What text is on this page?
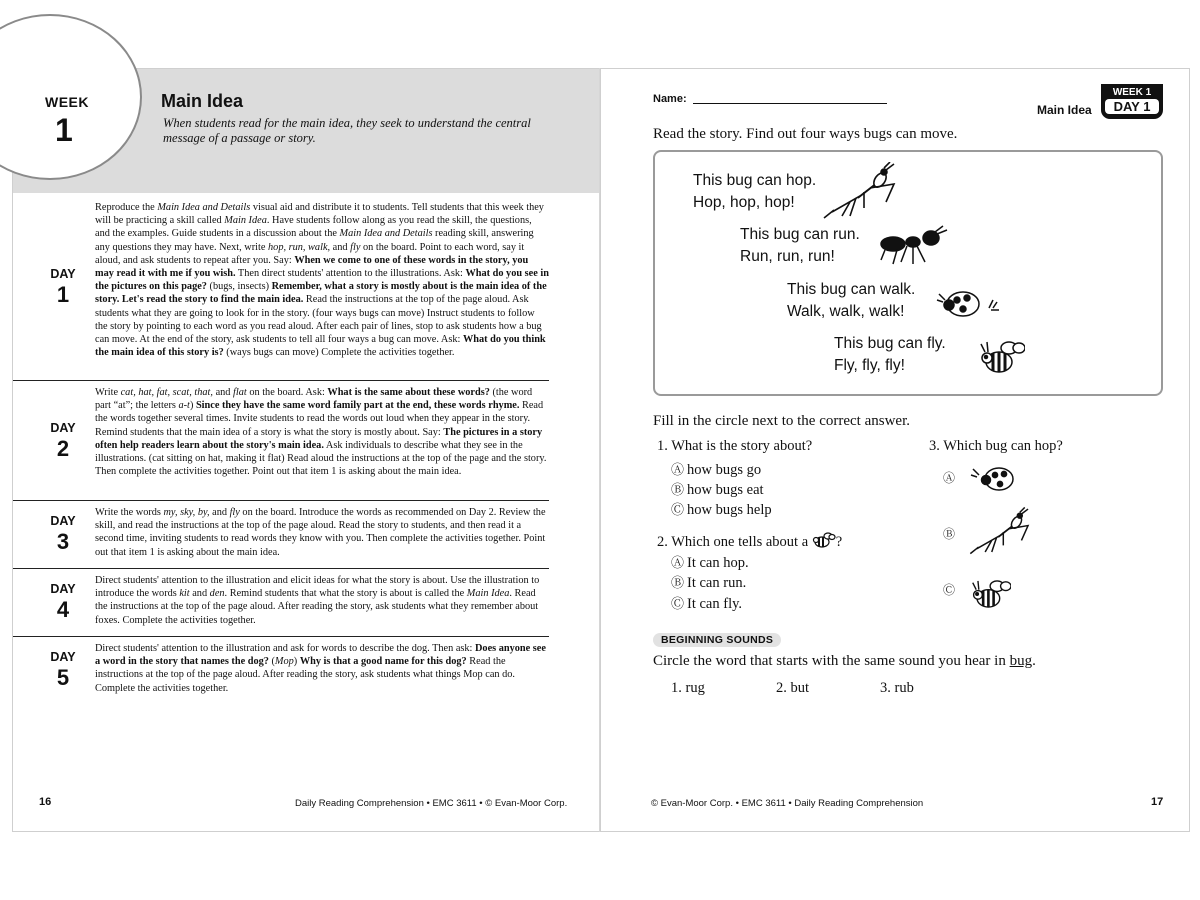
WEEK
1
Main Idea
When students read for the main idea, they seek to understand the central message of a passage or story.
DAY
1
Reproduce the Main Idea and Details visual aid and distribute it to students. Tell students that this week they will be practicing a skill called Main Idea. Have students follow along as you read the skill, the questions, and the examples. Guide students in a discussion about the Main Idea and Details reading skill, answering any questions they may have. Next, write hop, run, walk, and fly on the board. Point to each word, say it aloud, and ask students to repeat after you. Say: When we come to one of these words in the story, you may read it with me if you wish. Then direct students' attention to the illustrations. Ask: What do you see in the pictures on this page? (bugs, insects) Remember, what a story is mostly about is the main idea of the story. Let's read the story to find the main idea. Read the instructions at the top of the page aloud. Ask students what they are going to look for in the story. (four ways bugs can move) Instruct students to follow the story by pointing to each word as you read aloud. After each pair of lines, stop to ask students how a bug can move. At the end of the story, ask students to tell all four ways a bug can move. Ask: What do you think the main idea of this story is? (ways bugs can move) Complete the activities together.
DAY
2
Write cat, hat, fat, scat, that, and flat on the board. Ask: What is the same about these words? (the word part “at”; the letters a-t) Since they have the same word family part at the end, these words rhyme. Read the words together several times. Invite students to read the words out loud when they appear in the story. Remind students that the main idea of a story is what the story is mostly about. Say: The pictures in a story often help readers learn about the story's main idea. Ask individuals to describe what they see in the illustrations. (cat sitting on hat, making it flat) Read aloud the instructions at the top of the page and the story. Then complete the activities together. Point out that item 1 is asking about the main idea.
DAY
3
Write the words my, sky, by, and fly on the board. Introduce the words as recommended on Day 2. Review the skill, and read the instructions at the top of the page aloud. Read the story to students, and then read it a second time, inviting students to read words they know with you. Then complete the activities together. Point out that item 1 is asking about the main idea.
DAY
4
Direct students' attention to the illustration and elicit ideas for what the story is about. Use the illustration to introduce the words kit and den. Remind students that what the story is about is called the Main Idea. Read the instructions at the top of the page aloud. After reading the story, ask students what they remember about foxes. Complete the activities together.
DAY
5
Direct students' attention to the illustration and ask for words to describe the dog. Then ask: Does anyone see a word in the story that names the dog? (Mop) Why is that a good name for this dog? Read the instructions at the top of the page aloud. After reading the story, ask students what things Mop can do. Complete the activities together.
16	Daily Reading Comprehension • EMC 3611 • © Evan-Moor Corp.
Name:
Main Idea
WEEK 1
DAY 1
Read the story. Find out four ways bugs can move.
This bug can hop.
Hop, hop, hop!
This bug can run.
Run, run, run!
This bug can walk.
Walk, walk, walk!
This bug can fly.
Fly, fly, fly!
Fill in the circle next to the correct answer.
1. What is the story about?
Ⓐ how bugs go
Ⓑ how bugs eat
Ⓒ how bugs help
2. Which one tells about a ?
Ⓐ It can hop.
Ⓑ It can run.
Ⓒ It can fly.
3. Which bug can hop?
Ⓐ
Ⓑ
Ⓒ
BEGINNING SOUNDS
Circle the word that starts with the same sound you hear in bug.
1. rug	2. but	3. rub
© Evan-Moor Corp. • EMC 3611 • Daily Reading Comprehension	17
